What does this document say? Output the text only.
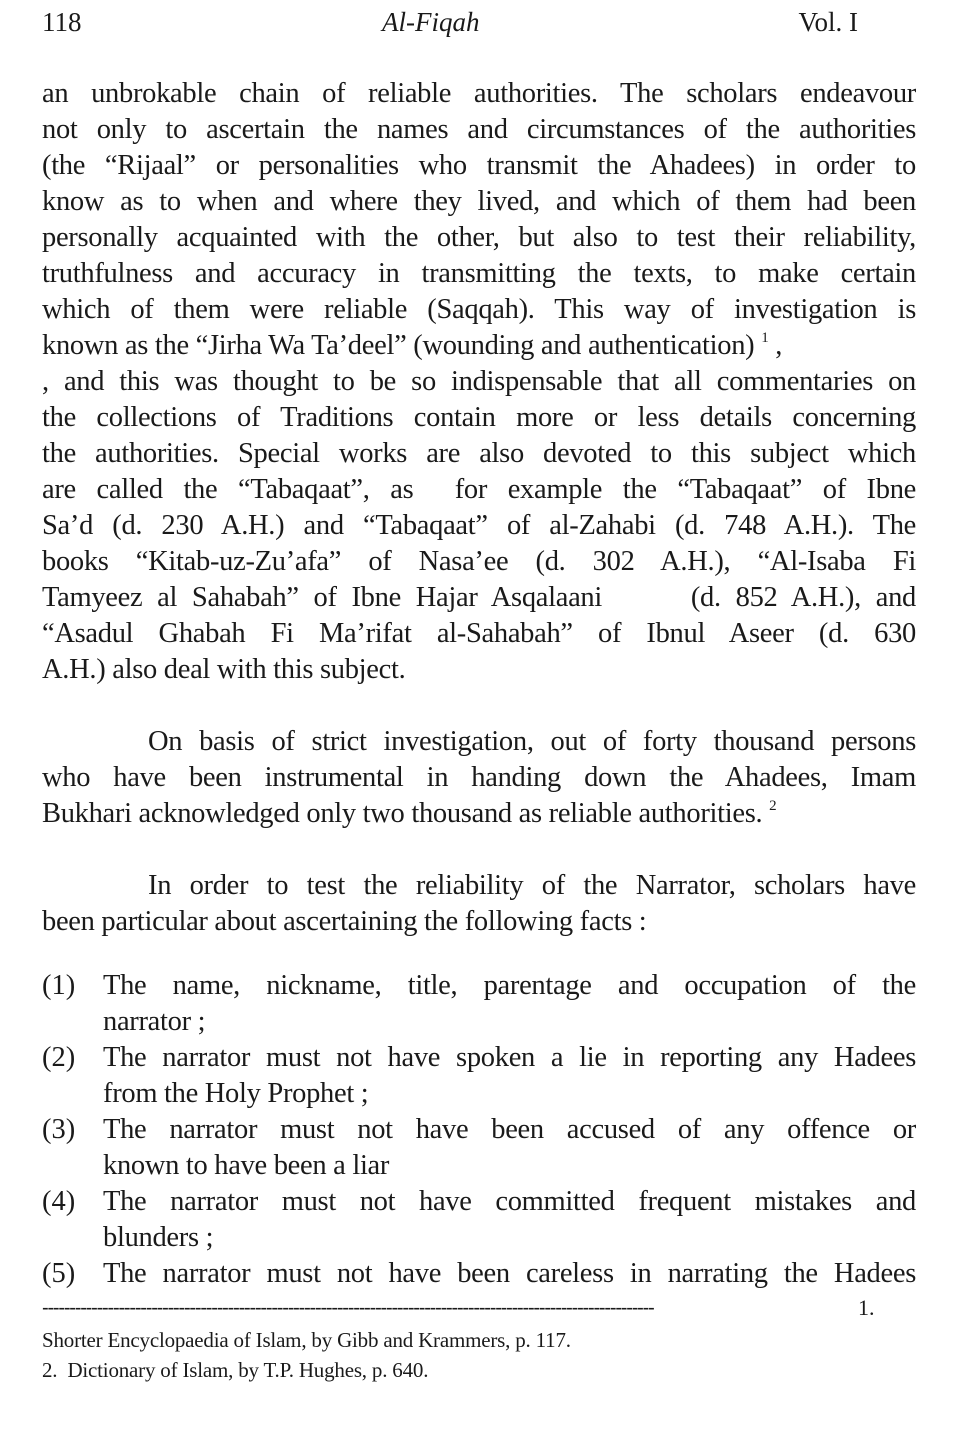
118	Al-Fiqah	Vol. I
an unbrokable chain of reliable authorities. The scholars endeavour
not only to ascertain the names and circumstances of the authorities
(the “Rijaal” or personalities who transmit the Ahadees) in order to
know as to when and where they lived, and which of them had been
personally acquainted with the other, but also to test their reliability,
truthfulness and accuracy in transmitting the texts, to make certain
which of them were reliable (Saqqah). This way of investigation is
known as the “Jirha Wa Ta’deel” (wounding and authentication) $^1$ ,
, and this was thought to be so indispensable that all commentaries on
the collections of Traditions contain more or less details concerning
the authorities. Special works are also devoted to this subject which
are called the “Tabaqaat”, as  for example the “Tabaqaat” of Ibne
Sa’d (d. 230 A.H.) and “Tabaqaat” of al-Zahabi (d. 748 A.H.). The
books “Kitab-uz-Zu’afa” of Nasa’ee (d. 302 A.H.), “Al-Isaba Fi
Tamyeez al Sahabah” of Ibne Hajar Asqalaani      (d. 852 A.H.), and
“Asadul Ghabah Fi Ma’rifat al-Sahabah” of Ibnul Aseer (d. 630
A.H.) also deal with this subject.
On basis of strict investigation, out of forty thousand persons
who have been instrumental in handing down the Ahadees, Imam
Bukhari acknowledged only two thousand as reliable authorities. $^2$
In order to test the reliability of the Narrator, scholars have
been particular about ascertaining the following facts :
(1) The name, nickname, title, parentage and occupation of the
narrator ;
(2) The narrator must not have spoken a lie in reporting any Hadees
from the Holy Prophet ;
(3) The narrator must not have been accused of any offence or
known to have been a liar
(4) The narrator must not have committed frequent mistakes and
blunders ;
(5) The narrator must not have been careless in narrating the Hadees
----------------------------------------------------------------------------------------------------------------	1.
Shorter Encyclopaedia of Islam, by Gibb and Krammers, p. 117.
2.  Dictionary of Islam, by T.P. Hughes, p. 640.
